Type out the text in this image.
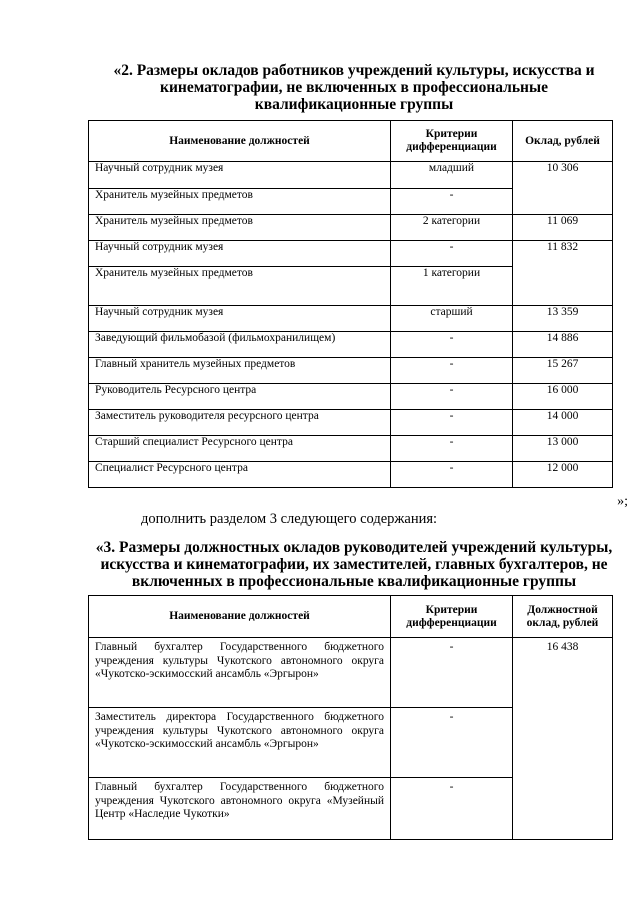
«2. Размеры окладов работников учреждений культуры, искусства и кинематографии, не включенных в профессиональные квалификационные группы
Наименование должностей	Критерии дифференциации	Оклад, рублей
Научный сотрудник музея	младший	10 306
Хранитель музейных предметов	-	
Хранитель музейных предметов	2 категории	11 069
Научный сотрудник музея	-	11 832
Хранитель музейных предметов	1 категории	
Научный сотрудник музея	старший	13 359
Заведующий фильмобазой (фильмохранилищем)	-	14 886
Главный хранитель музейных предметов	-	15 267
Руководитель Ресурсного центра	-	16 000
Заместитель руководителя ресурсного центра	-	14 000
Старший специалист Ресурсного центра	-	13 000
Специалист Ресурсного центра	-	12 000
»;
дополнить разделом 3 следующего содержания:
«3. Размеры должностных окладов руководителей учреждений культуры, искусства и кинематографии, их заместителей, главных бухгалтеров, не включенных в профессиональные квалификационные группы
Наименование должностей	Критерии дифференциации	Должностной оклад, рублей
Главный бухгалтер Государственного бюджетного учреждения культуры Чукотского автономного округа «Чукотско-эскимосский ансамбль «Эргырон»	-	16 438
Заместитель директора Государственного бюджетного учреждения культуры Чукотского автономного округа «Чукотско-эскимосский ансамбль «Эргырон»	-	
Главный бухгалтер Государственного бюджетного учреждения Чукотского автономного округа «Музейный Центр «Наследие Чукотки»	-	
